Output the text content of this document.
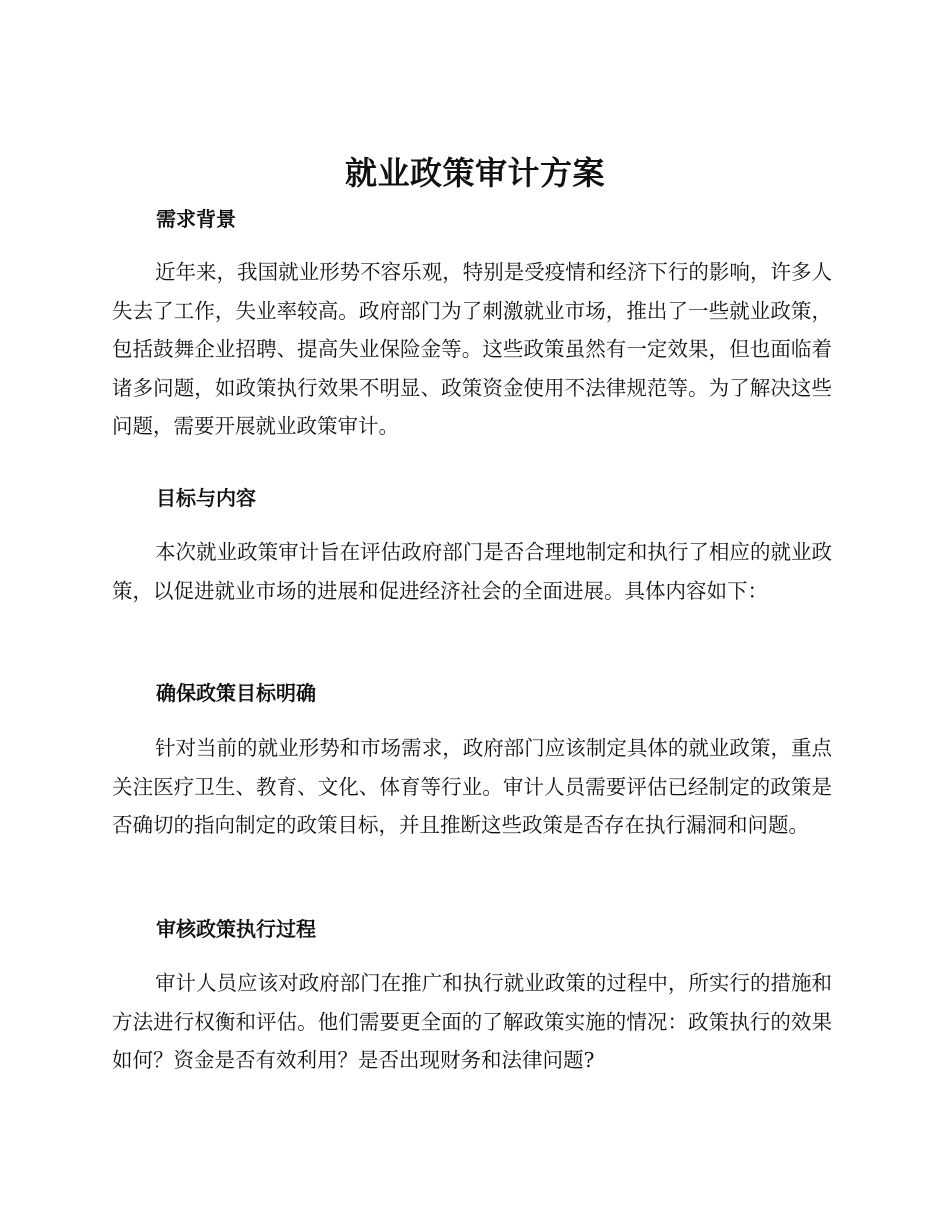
就业政策审计方案
需求背景

近年来，我国就业形势不容乐观，特别是受疫情和经济下行的影响，许多人失去了工作，失业率较高。政府部门为了刺激就业市场，推出了一些就业政策，包括鼓舞企业招聘、提高失业保险金等。这些政策虽然有一定效果，但也面临着诸多问题，如政策执行效果不明显、政策资金使用不法律规范等。为了解决这些问题，需要开展就业政策审计。

目标与内容

本次就业政策审计旨在评估政府部门是否合理地制定和执行了相应的就业政策，以促进就业市场的进展和促进经济社会的全面进展。具体内容如下：

确保政策目标明确

针对当前的就业形势和市场需求，政府部门应该制定具体的就业政策，重点关注医疗卫生、教育、文化、体育等行业。审计人员需要评估已经制定的政策是否确切的指向制定的政策目标，并且推断这些政策是否存在执行漏洞和问题。

审核政策执行过程

审计人员应该对政府部门在推广和执行就业政策的过程中，所实行的措施和方法进行权衡和评估。他们需要更全面的了解政策实施的情况：政策执行的效果如何？资金是否有效利用？是否出现财务和法律问题?
